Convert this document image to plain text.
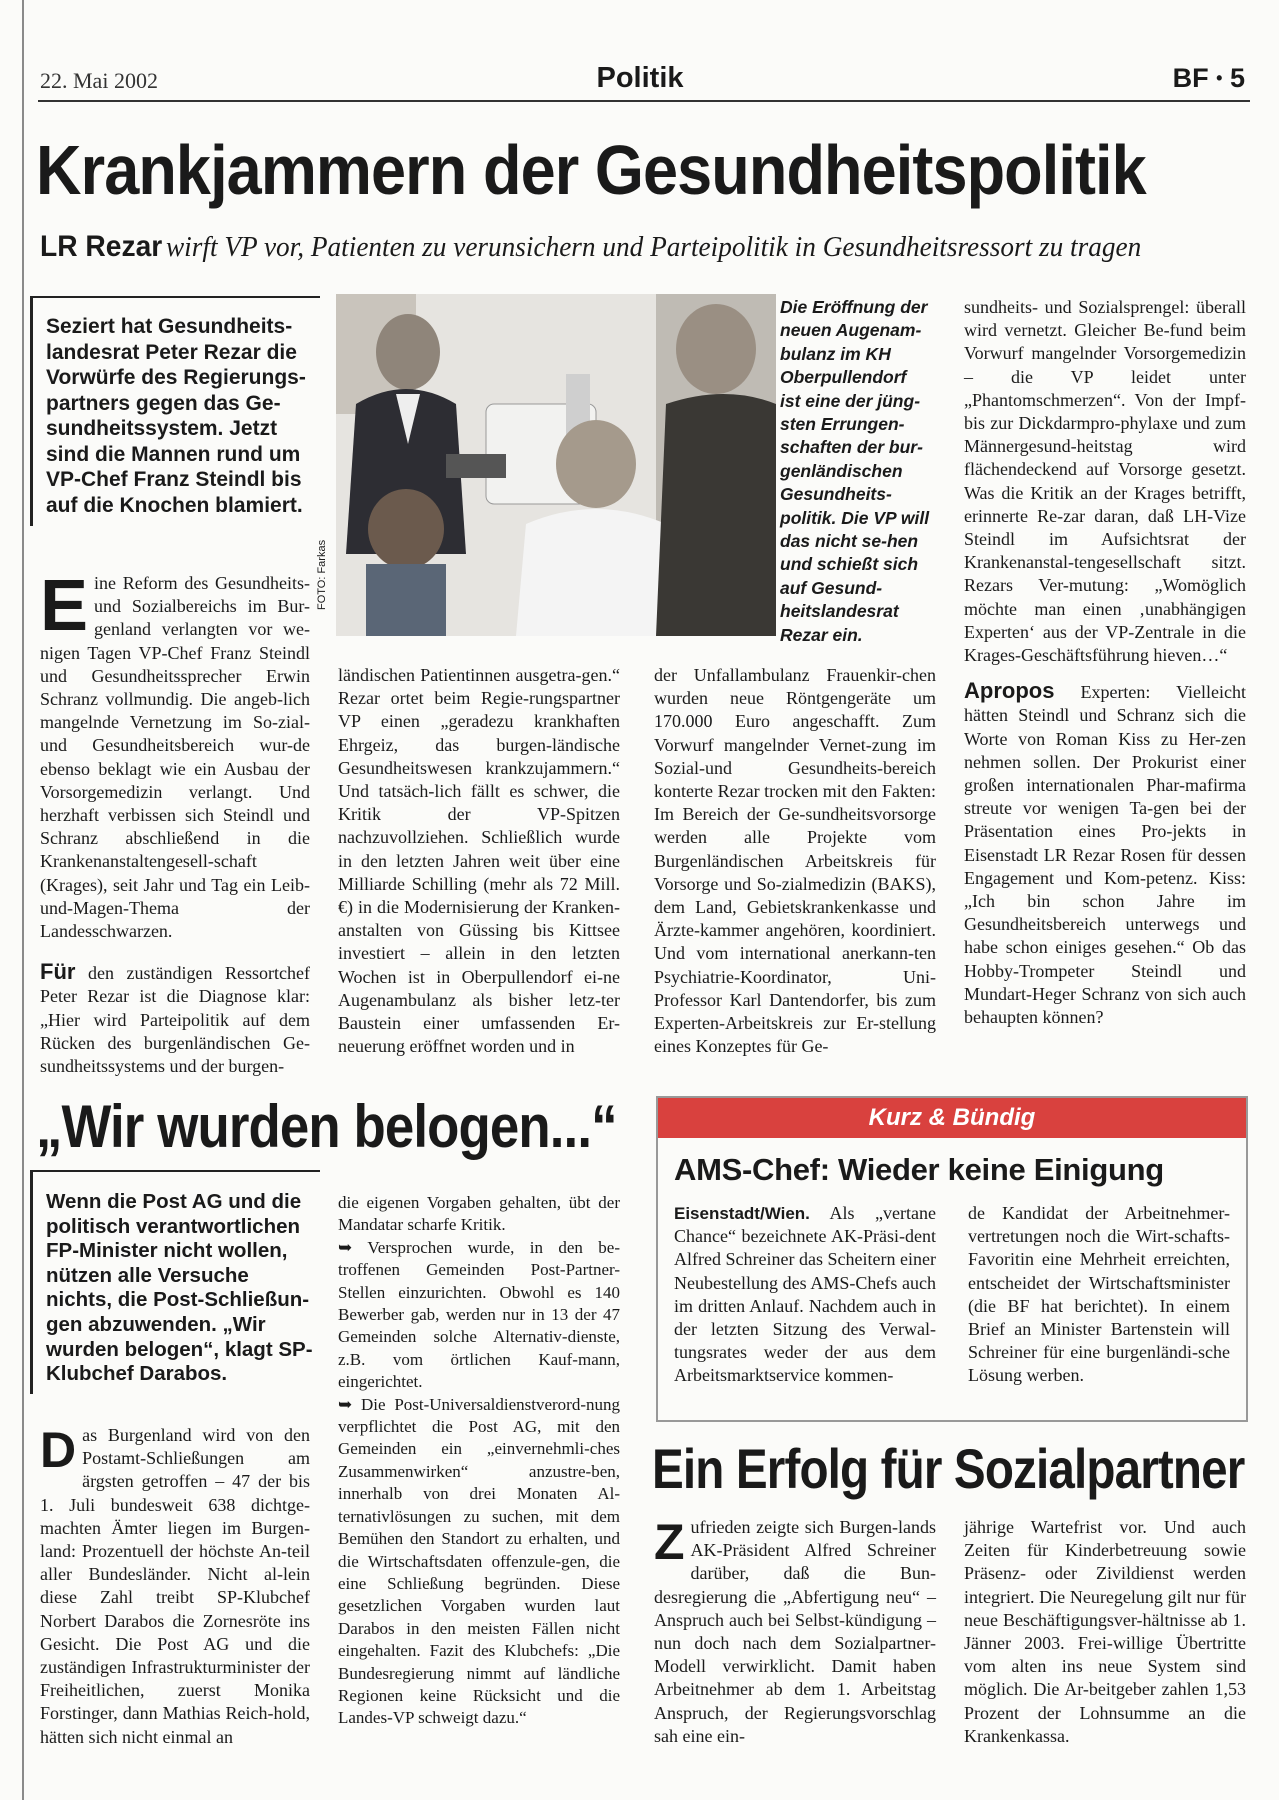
22. Mai 2002	Politik	BF • 5
Krankjammern der Gesundheitspolitik
LR Rezar wirft VP vor, Patienten zu verunsichern und Parteipolitik in Gesundheitsressort zu tragen
Seziert hat Gesundheits-landesrat Peter Rezar die Vorwürfe des Regierungs-partners gegen das Ge-sundheitssystem. Jetzt sind die Mannen rund um VP-Chef Franz Steindl bis auf die Knochen blamiert.
FOTO: Farkas
Die Eröffnung der neuen Augenam-bulanz im KH Oberpullendorf ist eine der jüng-sten Errungen-schaften der bur-genländischen Gesundheits-politik. Die VP will das nicht se-hen und schießt sich auf Gesund-heitslandesrat Rezar ein.

Eine Reform des Gesundheits- und Sozialbereichs im Bur-genland verlangten vor we-nigen Tagen VP-Chef Franz Steindl und Gesundheitssprecher Erwin Schranz vollmundig. Die angeb-lich mangelnde Vernetzung im So-zial- und Gesundheitsbereich wur-de ebenso beklagt wie ein Ausbau der Vorsorgemedizin verlangt. Und herzhaft verbissen sich Steindl und Schranz abschließend in die Krankenanstaltengesell-schaft (Krages), seit Jahr und Tag ein Leib-und-Magen-Thema der Landesschwarzen.

Für den zuständigen Ressortchef Peter Rezar ist die Diagnose klar: „Hier wird Parteipolitik auf dem Rücken des burgenländischen Ge-sundheitssystems und der burgen-

ländischen Patientinnen ausgetra-gen.“ Rezar ortet beim Regie-rungspartner VP einen „geradezu krankhaften Ehrgeiz, das burgen-ländische Gesundheitswesen krankzujammern.“ Und tatsäch-lich fällt es schwer, die Kritik der VP-Spitzen nachzuvollziehen. Schließlich wurde in den letzten Jahren weit über eine Milliarde Schilling (mehr als 72 Mill. €) in die Modernisierung der Kranken-anstalten von Güssing bis Kittsee investiert – allein in den letzten Wochen ist in Oberpullendorf ei-ne Augenambulanz als bisher letz-ter Baustein einer umfassenden Er-neuerung eröffnet worden und in
der Unfallambulanz Frauenkir-chen wurden neue Röntgengeräte um 170.000 Euro angeschafft. Zum Vorwurf mangelnder Vernet-zung im Sozial-und Gesundheits-bereich konterte Rezar trocken mit den Fakten: Im Bereich der Ge-sundheitsvorsorge werden alle Projekte vom Burgenländischen Arbeitskreis für Vorsorge und So-zialmedizin (BAKS), dem Land, Gebietskrankenkasse und Ärzte-kammer angehören, koordiniert. Und vom international anerkann-ten Psychiatrie-Koordinator, Uni-Professor Karl Dantendorfer, bis zum Experten-Arbeitskreis zur Er-stellung eines Konzeptes für Ge-

sundheits- und Sozialsprengel: überall wird vernetzt. Gleicher Be-fund beim Vorwurf mangelnder Vorsorgemedizin – die VP leidet unter „Phantomschmerzen“. Von der Impf- bis zur Dickdarmpro-phylaxe und zum Männergesund-heitstag wird flächendeckend auf Vorsorge gesetzt. Was die Kritik an der Krages betrifft, erinnerte Re-zar daran, daß LH-Vize Steindl im Aufsichtsrat der Krankenanstal-tengesellschaft sitzt. Rezars Ver-mutung: „Womöglich möchte man einen ‚unabhängigen Experten‘ aus der VP-Zentrale in die Krages-Geschäftsführung hieven…“

Apropos Experten: Vielleicht hätten Steindl und Schranz sich die Worte von Roman Kiss zu Her-zen nehmen sollen. Der Prokurist einer großen internationalen Phar-mafirma streute vor wenigen Ta-gen bei der Präsentation eines Pro-jekts in Eisenstadt LR Rezar Rosen für dessen Engagement und Kom-petenz. Kiss: „Ich bin schon Jahre im Gesundheitsbereich unterwegs und habe schon einiges gesehen.“ Ob das Hobby-Trompeter Steindl und Mundart-Heger Schranz von sich auch behaupten können?

„Wir wurden belogen...“
Wenn die Post AG und die politisch verantwortlichen FP-Minister nicht wollen, nützen alle Versuche nichts, die Post-Schließun-gen abzuwenden. „Wir wurden belogen“, klagt SP-Klubchef Darabos.

Das Burgenland wird von den Postamt-Schließungen am ärgsten getroffen – 47 der bis 1. Juli bundesweit 638 dichtge-machten Ämter liegen im Burgen-land: Prozentuell der höchste An-teil aller Bundesländer. Nicht al-lein diese Zahl treibt SP-Klubchef Norbert Darabos die Zornesröte ins Gesicht. Die Post AG und die zuständigen Infrastrukturminister der Freiheitlichen, zuerst Monika Forstinger, dann Mathias Reich-hold, hätten sich nicht einmal an

die eigenen Vorgaben gehalten, übt der Mandatar scharfe Kritik.

➥ Versprochen wurde, in den be-troffenen Gemeinden Post-Partner-Stellen einzurichten. Obwohl es 140 Bewerber gab, werden nur in 13 der 47 Gemeinden solche Alternativ-dienste, z.B. vom örtlichen Kauf-mann, eingerichtet.

➥ Die Post-Universaldienstverord-nung verpflichtet die Post AG, mit den Gemeinden ein „einvernehmli-ches Zusammenwirken“ anzustre-ben, innerhalb von drei Monaten Al-ternativlösungen zu suchen, mit dem Bemühen den Standort zu erhalten, und die Wirtschaftsdaten offenzule-gen, die eine Schließung begründen. Diese gesetzlichen Vorgaben wurden laut Darabos in den meisten Fällen nicht eingehalten. Fazit des Klubchefs: „Die Bundesregierung nimmt auf ländliche Regionen keine Rücksicht und die Landes-VP schweigt dazu.“

Kurz & Bündig
AMS-Chef: Wieder keine Einigung
Eisenstadt/Wien. Als „vertane Chance“ bezeichnete AK-Präsi-dent Alfred Schreiner das Scheitern einer Neubestellung des AMS-Chefs auch im dritten Anlauf. Nachdem auch in der letzten Sitzung des Verwal-tungsrates weder der aus dem Arbeitsmarktservice kommen-
de Kandidat der Arbeitnehmer-vertretungen noch die Wirt-schafts-Favoritin eine Mehrheit erreichten, entscheidet der Wirtschaftsminister (die BF hat berichtet). In einem Brief an Minister Bartenstein will Schreiner für eine burgenländi-sche Lösung werben.
Ein Erfolg für Sozialpartner

Zufrieden zeigte sich Burgen-lands AK-Präsident Alfred Schreiner darüber, daß die Bun-desregierung die „Abfertigung neu“ – Anspruch auch bei Selbst-kündigung – nun doch nach dem Sozialpartner-Modell verwirklicht. Damit haben Arbeitnehmer ab dem 1. Arbeitstag Anspruch, der Regierungsvorschlag sah eine ein-

jährige Wartefrist vor. Und auch Zeiten für Kinderbetreuung sowie Präsenz- oder Zivildienst werden integriert. Die Neuregelung gilt nur für neue Beschäftigungsver-hältnisse ab 1. Jänner 2003. Frei-willige Übertritte vom alten ins neue System sind möglich. Die Ar-beitgeber zahlen 1,53 Prozent der Lohnsumme an die Krankenkassa.
